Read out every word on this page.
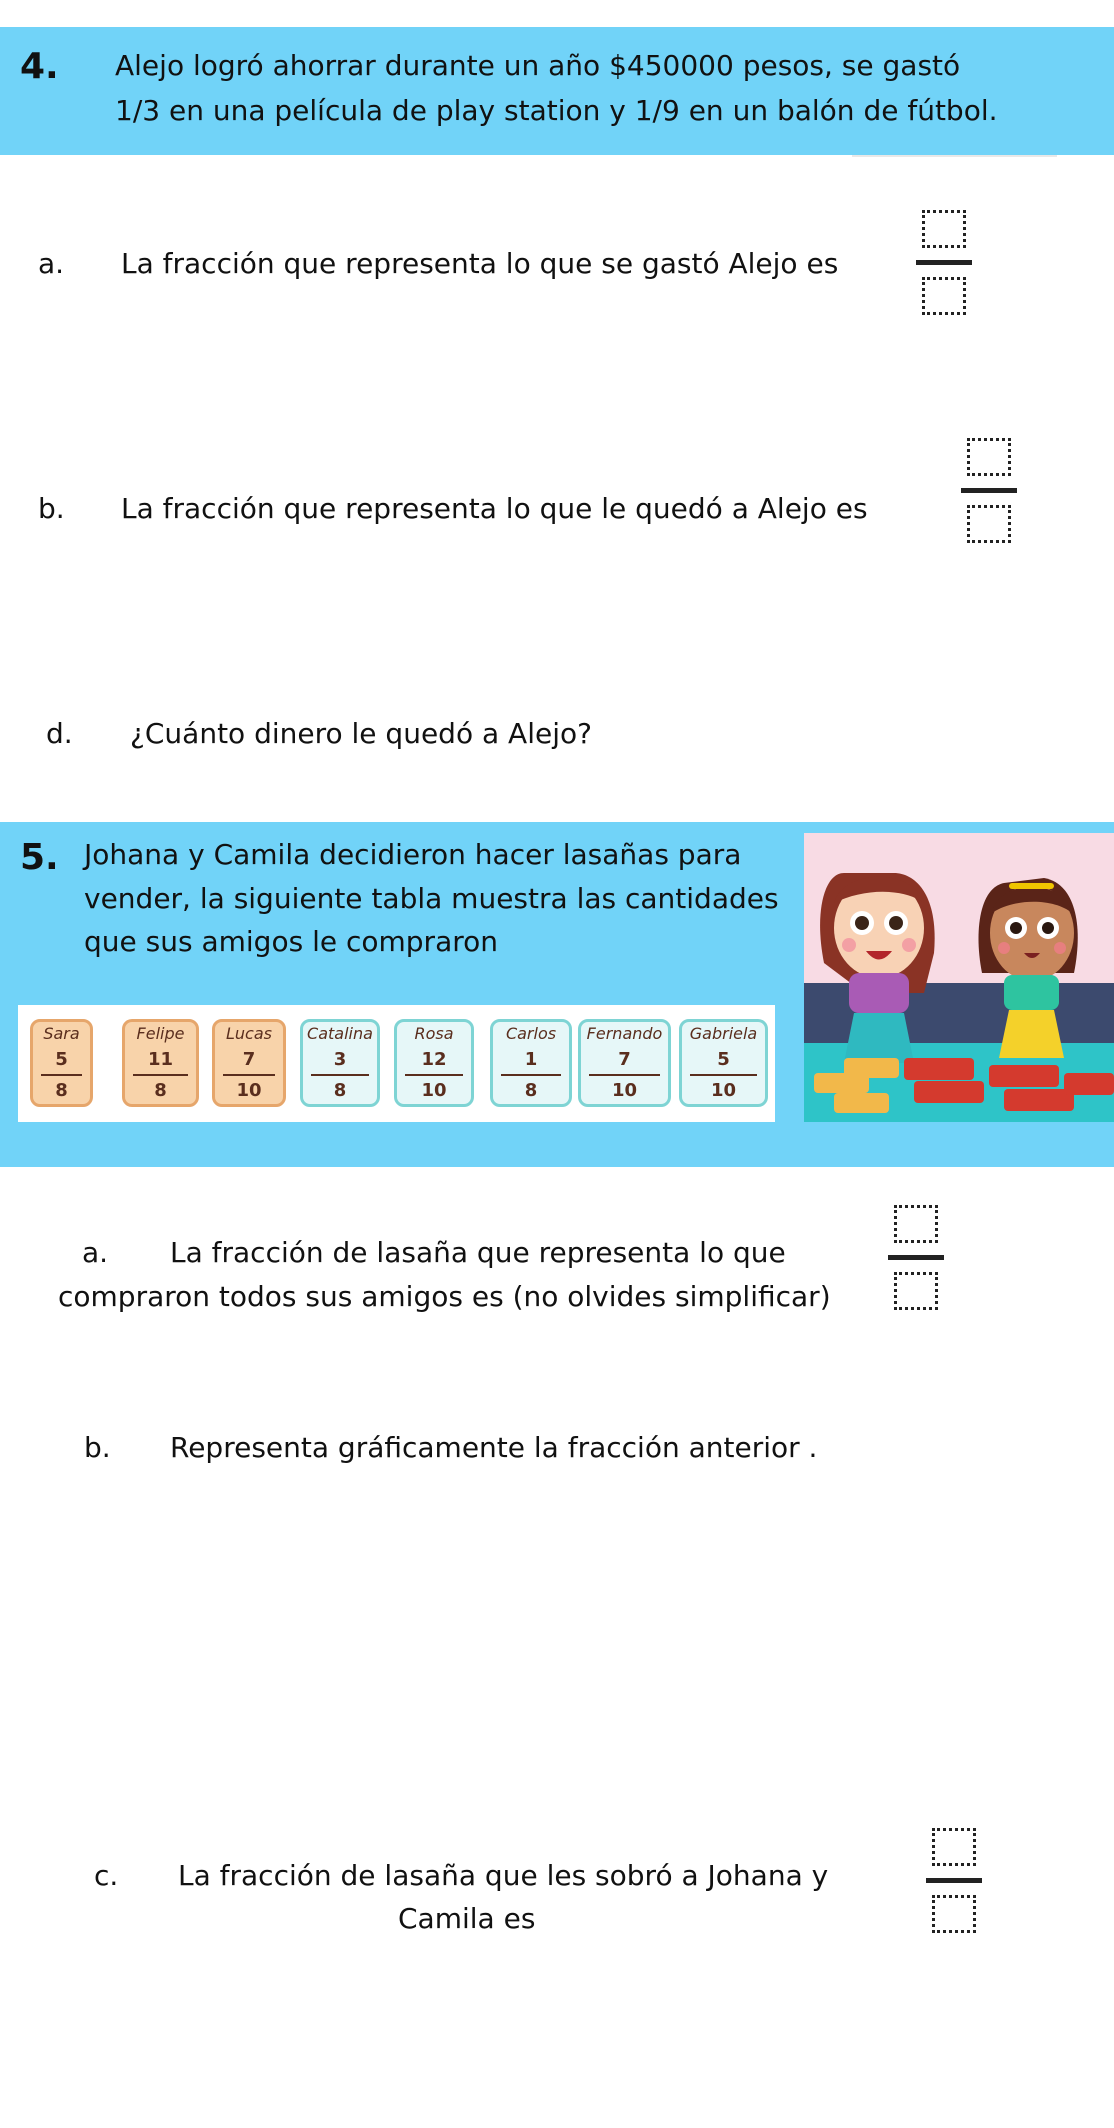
4. Alejo logró ahorrar durante un año $450000 pesos, se gastó
1/3 en una película de play station y 1/9 en un balón de fútbol.
a. La fracción que representa lo que se gastó Alejo es
b. La fracción que representa lo que le quedó a Alejo es
d. ¿Cuánto dinero le quedó a Alejo?
5. Johana y Camila decidieron hacer lasañas para
vender, la siguiente tabla muestra las cantidades
que sus amigos le compraron
Sara
5
8
Felipe
11
8
Lucas
7
10
Catalina
3
8
Rosa
12
10
Carlos
1
8
Fernando
7
10
Gabriela
5
10
a. La fracción de lasaña que representa lo que
compraron todos sus amigos es (no olvides simplificar)
b. Representa gráficamente la fracción anterior .
c. La fracción de lasaña que les sobró a Johana y
Camila es
